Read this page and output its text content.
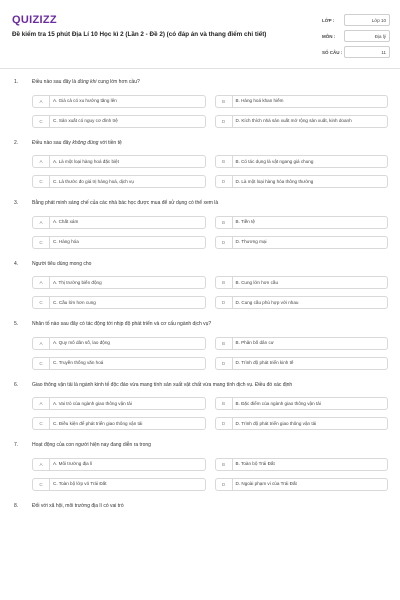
QUIZIZZ
Đề kiểm tra 15 phút Địa Lí 10 Học kì 2 (Lần 2 - Đề 2) (có đáp án và thang điểm chi tiết)
LỚP :	Lớp 10
MÔN :	Địa lý
SỐ CÂU :	11
1.	Điều nào sau đây là đúng khi cung lớn hơn cầu?
A	A. Giá cả có xu hướng tăng lên	B	B. Hàng hoá khan hiếm
C	C. Sản xuất có nguy cơ đình trệ	D	D. Kích thích nhà sản xuất mở rộng sản xuất, kinh doanh
2.	Điều nào sau đây không đúng với tiền tệ
A	A. Là một loại hàng hoá đặc biệt	B	B. Có tác dụng là vật ngang giá chung
C	C. Là thước đo giá trị hàng hoá, dịch vụ	D	D. Là một loại hàng hóa thông thường
3.	Bằng phát minh sáng chế của các nhà bác học được mua để sử dụng có thể xem là
A	A. Chất xám	B	B. Tiền tệ
C	C. Hàng hóa	D	D. Thương mại
4.	Người tiêu dùng mong cho
A	A. Thị trường biến động	B	B. Cung lớn hơn cầu
C	C. Cầu lớn hơn cung	D	D. Cung cầu phù hợp với nhau
5.	Nhân tố nào sau đây có tác động tới nhịp độ phát triển và cơ cấu ngành dịch vụ?
A	A. Quy mô dân số, lao động	B	B. Phân bố dân cư
C	C. Truyền thống văn hoá	D	D. Trình độ phát triển kinh tế
6.	Giao thông vận tải là ngành kinh tế độc đáo vừa mang tính sản xuất vật chất vừa mang tính dịch vụ. Điều đó xác định
A	A. Vai trò của ngành giao thông vận tải	B	B. Đặc điểm của ngành giao thông vận tải
C	C. Điều kiện để phát triển giao thông vận tải	D	D. Trình độ phát triển giao thông vận tải
7.	Hoạt động của con người hiện nay đang diễn ra trong
A	A. Môi trường địa lí	B	B. Toàn bộ Trái Đất
C	C. Toàn bộ lớp vỏ Trái Đất	D	D. Ngoài phạm vi của Trái Đất
8.	Đối với xã hội, môi trường địa lí có vai trò
